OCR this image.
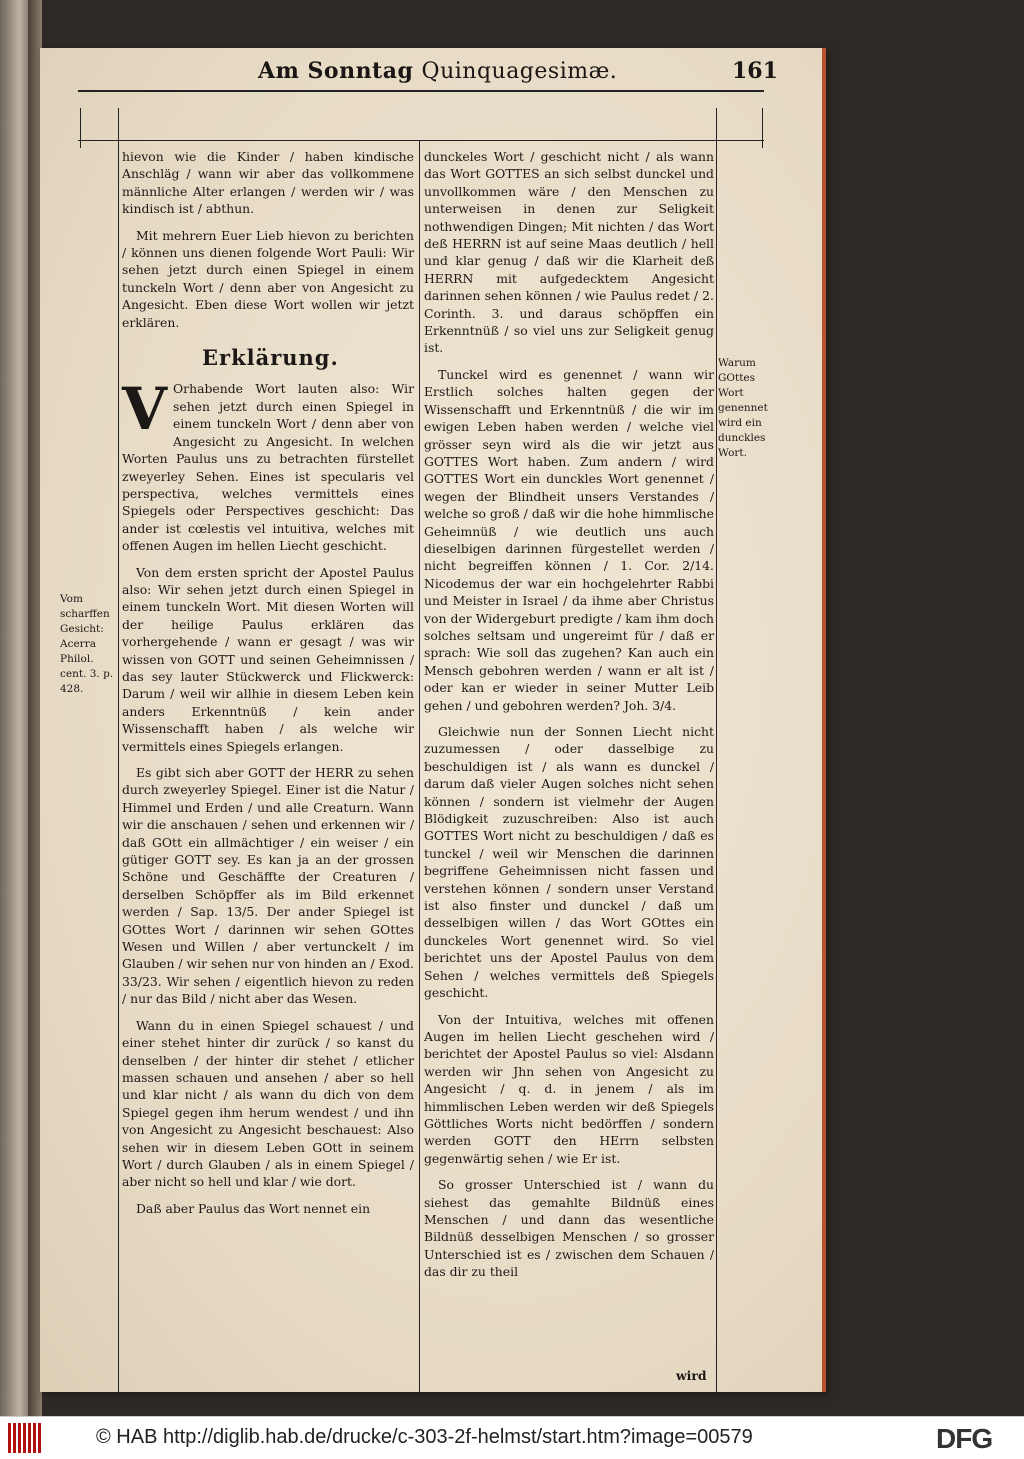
Am Sonntag Quinquagesimæ.	161

hievon wie die Kinder / haben kindische Anschläg / wann wir aber das vollkommene männliche Alter erlangen / werden wir / was kindisch ist / abthun.

Mit mehrern Euer Lieb hievon zu berichten / können uns dienen folgende Wort Pauli: Wir sehen jetzt durch einen Spiegel in einem tunckeln Wort / denn aber von Angesicht zu Angesicht. Eben diese Wort wollen wir jetzt erklären.

Erklärung.

V Orhabende Wort lauten also: Wir sehen jetzt durch einen Spiegel in einem tunckeln Wort / denn aber von Angesicht zu Angesicht. In welchen Worten Paulus uns zu betrachten fürstellet zweyerley Sehen. Eines ist specularis vel perspectiva, welches vermittels eines Spiegels oder Perspectives geschicht: Das ander ist cœlestis vel intuitiva, welches mit offenen Augen im hellen Liecht geschicht.

Von dem ersten spricht der Apostel Paulus also: Wir sehen jetzt durch einen Spiegel in einem tunckeln Wort. Mit diesen Worten will der heilige Paulus erklären das vorhergehende / wann er gesagt / was wir wissen von GOTT und seinen Geheimnissen / das sey lauter Stückwerck und Flickwerck: Darum / weil wir allhie in diesem Leben kein anders Erkenntnüß / kein ander Wissenschafft haben / als welche wir vermittels eines Spiegels erlangen.

Es gibt sich aber GOTT der HERR zu sehen durch zweyerley Spiegel. Einer ist die Natur / Himmel und Erden / und alle Creaturn. Wann wir die anschauen / sehen und erkennen wir / daß GOtt ein allmächtiger / ein weiser / ein gütiger GOTT sey. Es kan ja an der grossen Schöne und Geschäffte der Creaturen / derselben Schöpffer als im Bild erkennet werden / Sap. 13/5. Der ander Spiegel ist GOttes Wort / darinnen wir sehen GOttes Wesen und Willen / aber vertunckelt / im Glauben / wir sehen nur von hinden an / Exod. 33/23. Wir sehen / eigentlich hievon zu reden / nur das Bild / nicht aber das Wesen.

Wann du in einen Spiegel schauest / und einer stehet hinter dir zurück / so kanst du denselben / der hinter dir stehet / etlicher massen schauen und ansehen / aber so hell und klar nicht / als wann du dich von dem Spiegel gegen ihm herum wendest / und ihn von Angesicht zu Angesicht beschauest: Also sehen wir in diesem Leben GOtt in seinem Wort / durch Glauben / als in einem Spiegel / aber nicht so hell und klar / wie dort.

Daß aber Paulus das Wort nennet ein

dunckeles Wort / geschicht nicht / als wann das Wort GOTTES an sich selbst dunckel und unvollkommen wäre / den Menschen zu unterweisen in denen zur Seligkeit nothwendigen Dingen; Mit nichten / das Wort deß HERRN ist auf seine Maas deutlich / hell und klar genug / daß wir die Klarheit deß HERRN mit aufgedecktem Angesicht darinnen sehen können / wie Paulus redet / 2. Corinth. 3. und daraus schöpffen ein Erkenntnüß / so viel uns zur Seligkeit genug ist.

Tunckel wird es genennet / wann wir Erstlich solches halten gegen der Wissenschafft und Erkenntnüß / die wir im ewigen Leben haben werden / welche viel grösser seyn wird als die wir jetzt aus GOTTES Wort haben. Zum andern / wird GOTTES Wort ein dunckles Wort genennet / wegen der Blindheit unsers Verstandes / welche so groß / daß wir die hohe himmlische Geheimnüß / wie deutlich uns auch dieselbigen darinnen fürgestellet werden / nicht begreiffen können / 1. Cor. 2/14. Nicodemus der war ein hochgelehrter Rabbi und Meister in Israel / da ihme aber Christus von der Widergeburt predigte / kam ihm doch solches seltsam und ungereimt für / daß er sprach: Wie soll das zugehen? Kan auch ein Mensch gebohren werden / wann er alt ist / oder kan er wieder in seiner Mutter Leib gehen / und gebohren werden? Joh. 3/4.

Gleichwie nun der Sonnen Liecht nicht zuzumessen / oder dasselbige zu beschuldigen ist / als wann es dunckel / darum daß vieler Augen solches nicht sehen können / sondern ist vielmehr der Augen Blödigkeit zuzuschreiben: Also ist auch GOTTES Wort nicht zu beschuldigen / daß es tunckel / weil wir Menschen die darinnen begriffene Geheimnissen nicht fassen und verstehen können / sondern unser Verstand ist also finster und dunckel / daß um desselbigen willen / das Wort GOttes ein dunckeles Wort genennet wird. So viel berichtet uns der Apostel Paulus von dem Sehen / welches vermittels deß Spiegels geschicht.

Von der Intuitiva, welches mit offenen Augen im hellen Liecht geschehen wird / berichtet der Apostel Paulus so viel: Alsdann werden wir Jhn sehen von Angesicht zu Angesicht / q. d. in jenem / als im himmlischen Leben werden wir deß Spiegels Göttliches Worts nicht bedörffen / sondern werden GOTT den HErrn selbsten gegenwärtig sehen / wie Er ist.

So grosser Unterschied ist / wann du siehest das gemahlte Bildnüß eines Menschen / und dann das wesentliche Bildnüß desselbigen Menschen / so grosser Unterschied ist es / zwischen dem Schauen / das dir zu theil

Warum GOttes Wort genennet wird ein dunckles Wort.
Vom scharffen Gesicht: Acerra Philol. cent. 3. p. 428.
wird
© HAB http://diglib.hab.de/drucke/c-303-2f-helmst/start.htm?image=00579	DFG
